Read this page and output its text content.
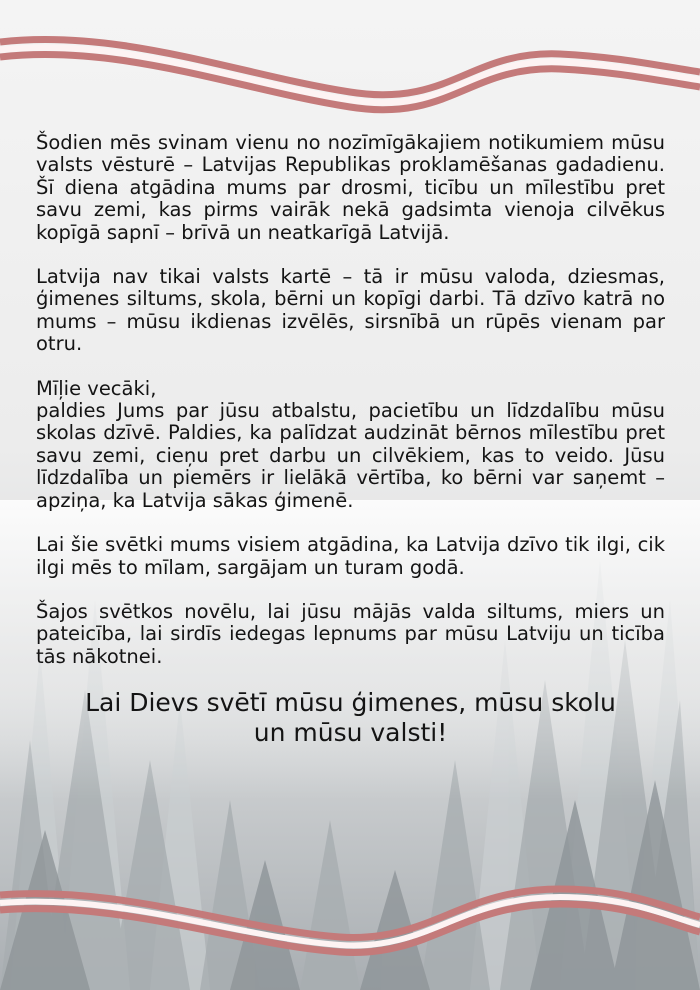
Šodien mēs svinam vienu no nozīmīgākajiem notikumiem mūsu valsts vēsturē – Latvijas Republikas proklamēšanas gadadienu. Šī diena atgādina mums par drosmi, ticību un mīlestību pret savu zemi, kas pirms vairāk nekā gadsimta vienoja cilvēkus kopīgā sapnī – brīvā un neatkarīgā Latvijā.

Latvija nav tikai valsts kartē – tā ir mūsu valoda, dziesmas, ģimenes siltums, skola, bērni un kopīgi darbi. Tā dzīvo katrā no mums – mūsu ikdienas izvēlēs, sirsnībā un rūpēs vienam par otru.

Mīļie vecāki,
paldies Jums par jūsu atbalstu, pacietību un līdzdalību mūsu skolas dzīvē. Paldies, ka palīdzat audzināt bērnos mīlestību pret savu zemi, cieņu pret darbu un cilvēkiem, kas to veido. Jūsu līdzdalība un piemērs ir lielākā vērtība, ko bērni var saņemt –apziņa, ka Latvija sākas ģimenē.

Lai šie svētki mums visiem atgādina, ka Latvija dzīvo tik ilgi, cik ilgi mēs to mīlam, sargājam un turam godā.

Šajos svētkos novēlu, lai jūsu mājās valda siltums, miers un pateicība, lai sirdīs iedegas lepnums par mūsu Latviju un ticība tās nākotnei.

Lai Dievs svētī mūsu ģimenes, mūsu skolu
un mūsu valsti!
